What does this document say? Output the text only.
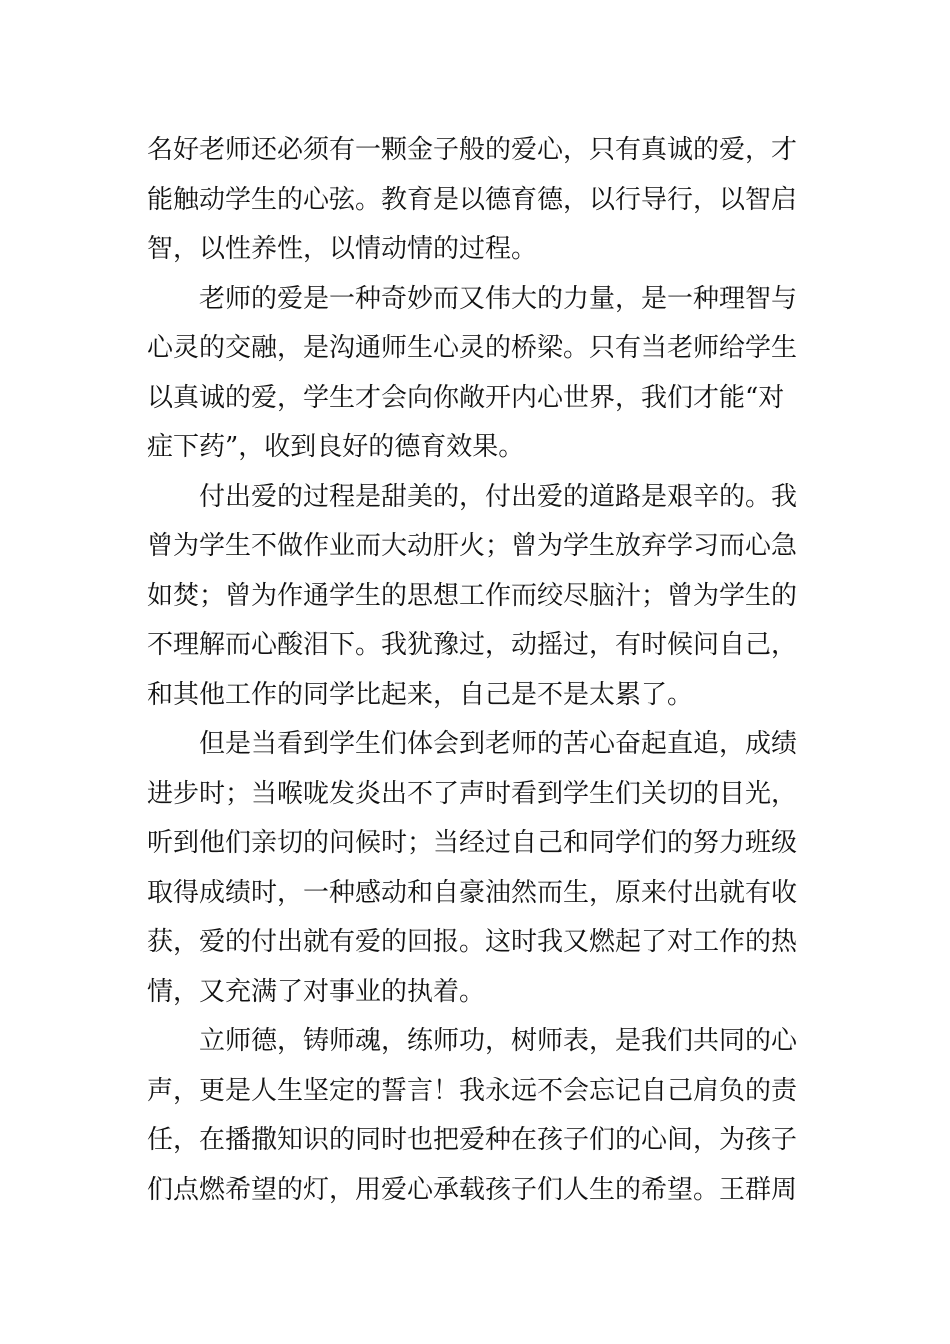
名好老师还必须有一颗金子般的爱心，只有真诚的爱，才
能触动学生的心弦。教育是以德育德，以行导行，以智启
智，以性养性，以情动情的过程。
老师的爱是一种奇妙而又伟大的力量，是一种理智与
心灵的交融，是沟通师生心灵的桥梁。只有当老师给学生
以真诚的爱，学生才会向你敞开内心世界，我们才能“对
症下药”，收到良好的德育效果。
付出爱的过程是甜美的，付出爱的道路是艰辛的。我
曾为学生不做作业而大动肝火；曾为学生放弃学习而心急
如焚；曾为作通学生的思想工作而绞尽脑汁；曾为学生的
不理解而心酸泪下。我犹豫过，动摇过，有时候问自己，
和其他工作的同学比起来，自己是不是太累了。
但是当看到学生们体会到老师的苦心奋起直追，成绩
进步时；当喉咙发炎出不了声时看到学生们关切的目光，
听到他们亲切的问候时；当经过自己和同学们的努力班级
取得成绩时，一种感动和自豪油然而生，原来付出就有收
获，爱的付出就有爱的回报。这时我又燃起了对工作的热
情，又充满了对事业的执着。
立师德，铸师魂，练师功，树师表，是我们共同的心
声，更是人生坚定的誓言！我永远不会忘记自己肩负的责
任，在播撒知识的同时也把爱种在孩子们的心间，为孩子
们点燃希望的灯，用爱心承载孩子们人生的希望。王群周
